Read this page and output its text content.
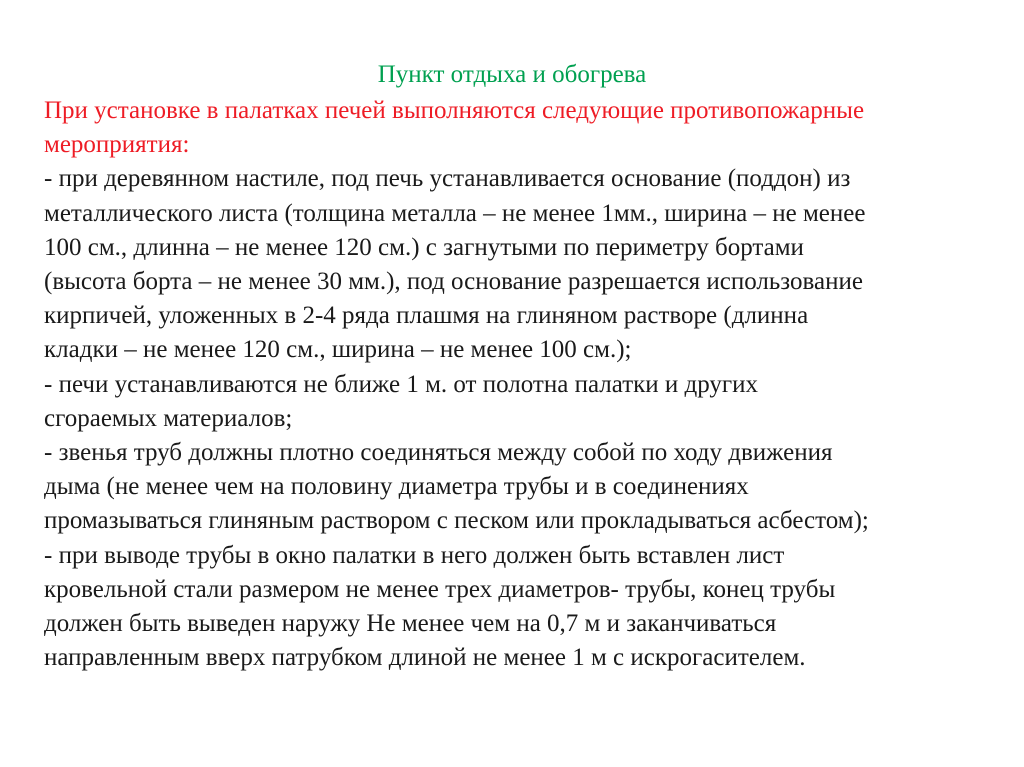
Пункт отдыха и обогрева
При установке в палатках печей выполняются следующие противопожарные
мероприятия:
- при деревянном настиле, под печь устанавливается основание (поддон) из
металлического листа (толщина металла – не менее 1мм., ширина – не менее
100 см., длинна – не менее 120 см.) с загнутыми по периметру бортами
(высота борта – не менее 30 мм.), под основание разрешается использование
кирпичей, уложенных в 2-4 ряда плашмя на глиняном растворе (длинна
кладки – не менее 120 см., ширина – не менее 100 см.);
- печи устанавливаются не ближе 1 м. от полотна палатки и других
сгораемых материалов;
- звенья труб должны плотно соединяться между собой по ходу движения
дыма (не менее чем на половину диаметра трубы и в соединениях
промазываться глиняным раствором с песком или прокладываться асбестом);
- при выводе трубы в окно палатки в него должен быть вставлен лист
кровельной стали размером не менее трех диаметров- трубы, конец трубы
должен быть выведен наружу Не менее чем на 0,7 м и заканчиваться
направленным вверх патрубком длиной не менее 1 м с искрогасителем.
